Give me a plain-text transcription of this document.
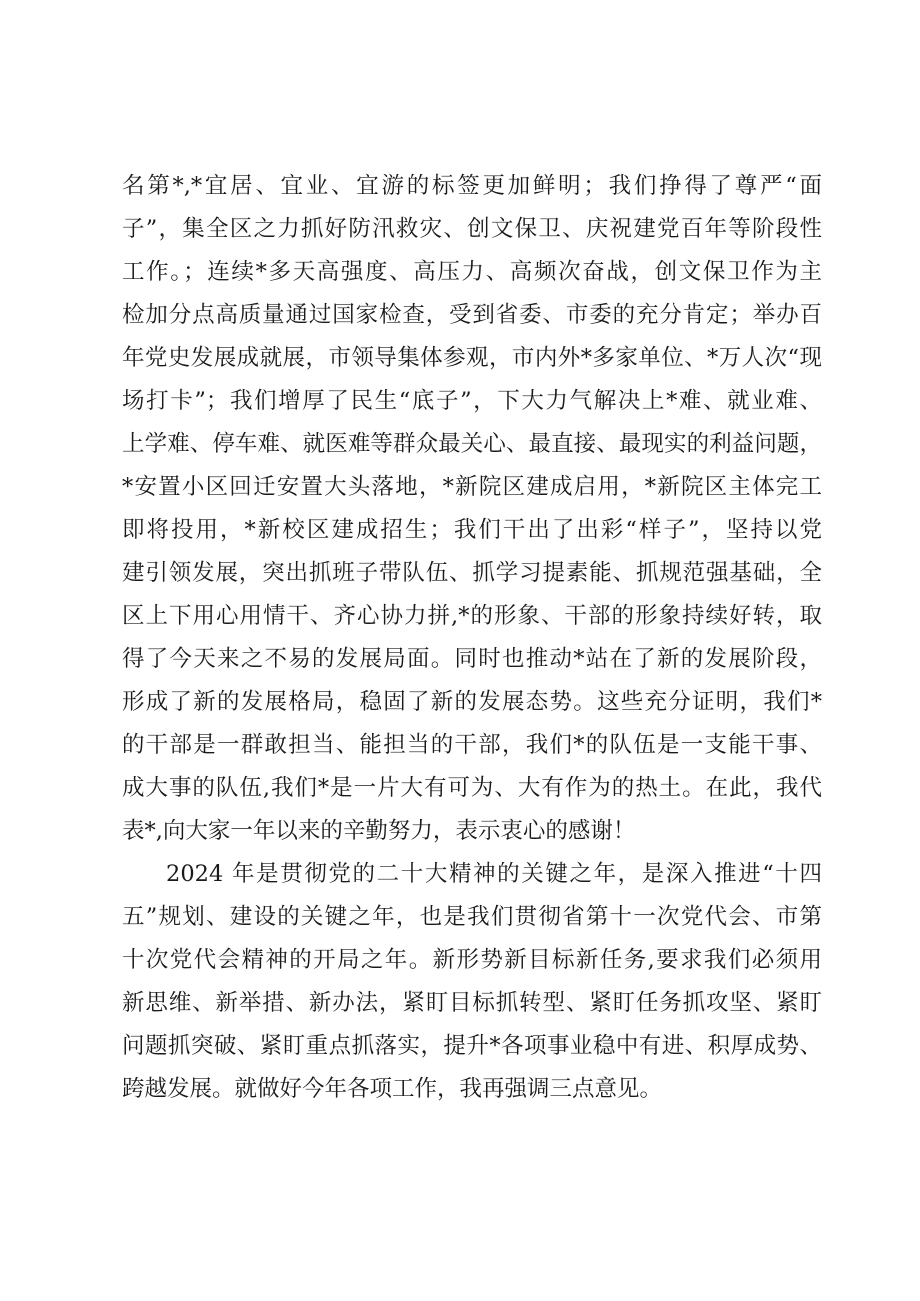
名第*,*宜居、宜业、宜游的标签更加鲜明；我们挣得了尊严“面
子”，集全区之力抓好防汛救灾、创文保卫、庆祝建党百年等阶段性
工作。；连续*多天高强度、高压力、高频次奋战，创文保卫作为主
检加分点高质量通过国家检查，受到省委、市委的充分肯定；举办百
年党史发展成就展，市领导集体参观，市内外*多家单位、*万人次“现
场打卡”；我们增厚了民生“底子”，下大力气解决上*难、就业难、
上学难、停车难、就医难等群众最关心、最直接、最现实的利益问题，
*安置小区回迁安置大头落地，*新院区建成启用，*新院区主体完工
即将投用，*新校区建成招生；我们干出了出彩“样子”，坚持以党
建引领发展，突出抓班子带队伍、抓学习提素能、抓规范强基础，全
区上下用心用情干、齐心协力拼,*的形象、干部的形象持续好转，取
得了今天来之不易的发展局面。同时也推动*站在了新的发展阶段，
形成了新的发展格局，稳固了新的发展态势。这些充分证明，我们*
的干部是一群敢担当、能担当的干部，我们*的队伍是一支能干事、
成大事的队伍,我们*是一片大有可为、大有作为的热土。在此，我代
表*,向大家一年以来的辛勤努力，表示衷心的感谢！
2024 年是贯彻党的二十大精神的关键之年，是深入推进“十四
五”规划、建设的关键之年，也是我们贯彻省第十一次党代会、市第
十次党代会精神的开局之年。新形势新目标新任务,要求我们必须用
新思维、新举措、新办法，紧盯目标抓转型、紧盯任务抓攻坚、紧盯
问题抓突破、紧盯重点抓落实，提升*各项事业稳中有进、积厚成势、
跨越发展。就做好今年各项工作，我再强调三点意见。
